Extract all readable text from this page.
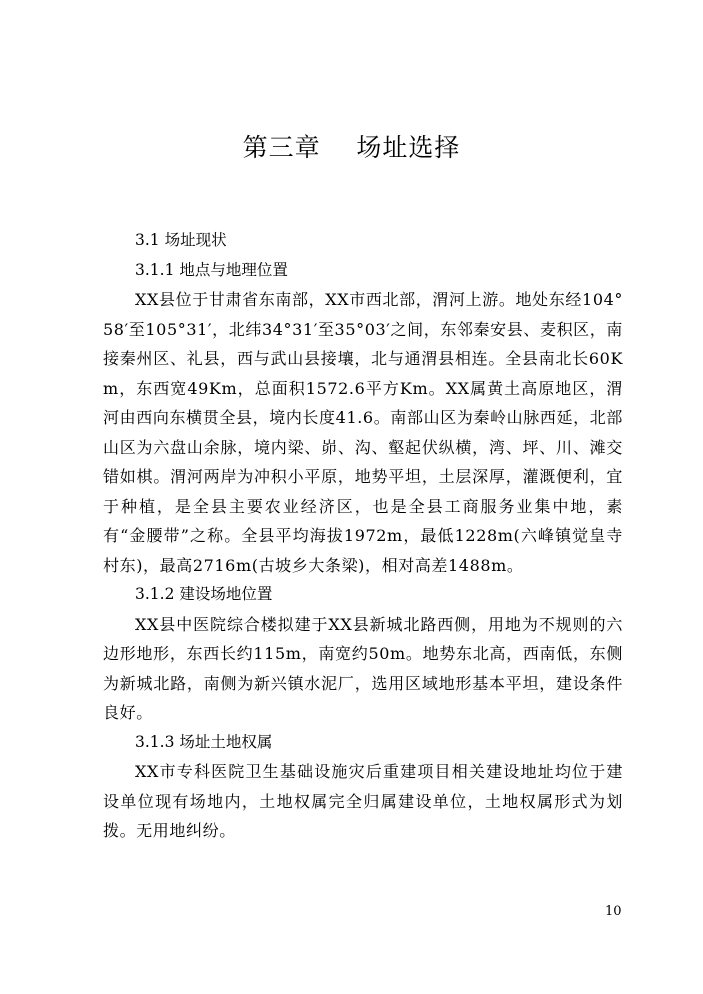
第三章    场址选择
3.1 场址现状
3.1.1 地点与地理位置
XX县位于甘肃省东南部，XX市西北部，渭河上游。地处东经104°58′至105°31′，北纬34°31′至35°03′之间，东邻秦安县、麦积区，南接秦州区、礼县，西与武山县接壤，北与通渭县相连。全县南北长60Km，东西宽49Km，总面积1572.6平方Km。XX属黄土高原地区，渭河由西向东横贯全县，境内长度41.6。南部山区为秦岭山脉西延，北部山区为六盘山余脉，境内梁、峁、沟、壑起伏纵横，湾、坪、川、滩交错如棋。渭河两岸为冲积小平原，地势平坦，土层深厚，灌溉便利，宜于种植，是全县主要农业经济区，也是全县工商服务业集中地，素有“金腰带”之称。全县平均海拔1972m，最低1228m(六峰镇觉皇寺村东)，最高2716m(古坡乡大条梁)，相对高差1488m。
3.1.2 建设场地位置
XX县中医院综合楼拟建于XX县新城北路西侧，用地为不规则的六边形地形，东西长约115m，南宽约50m。地势东北高，西南低，东侧为新城北路，南侧为新兴镇水泥厂，选用区域地形基本平坦，建设条件良好。
3.1.3 场址土地权属
XX市专科医院卫生基础设施灾后重建项目相关建设地址均位于建设单位现有场地内，土地权属完全归属建设单位，土地权属形式为划拨。无用地纠纷。
10
